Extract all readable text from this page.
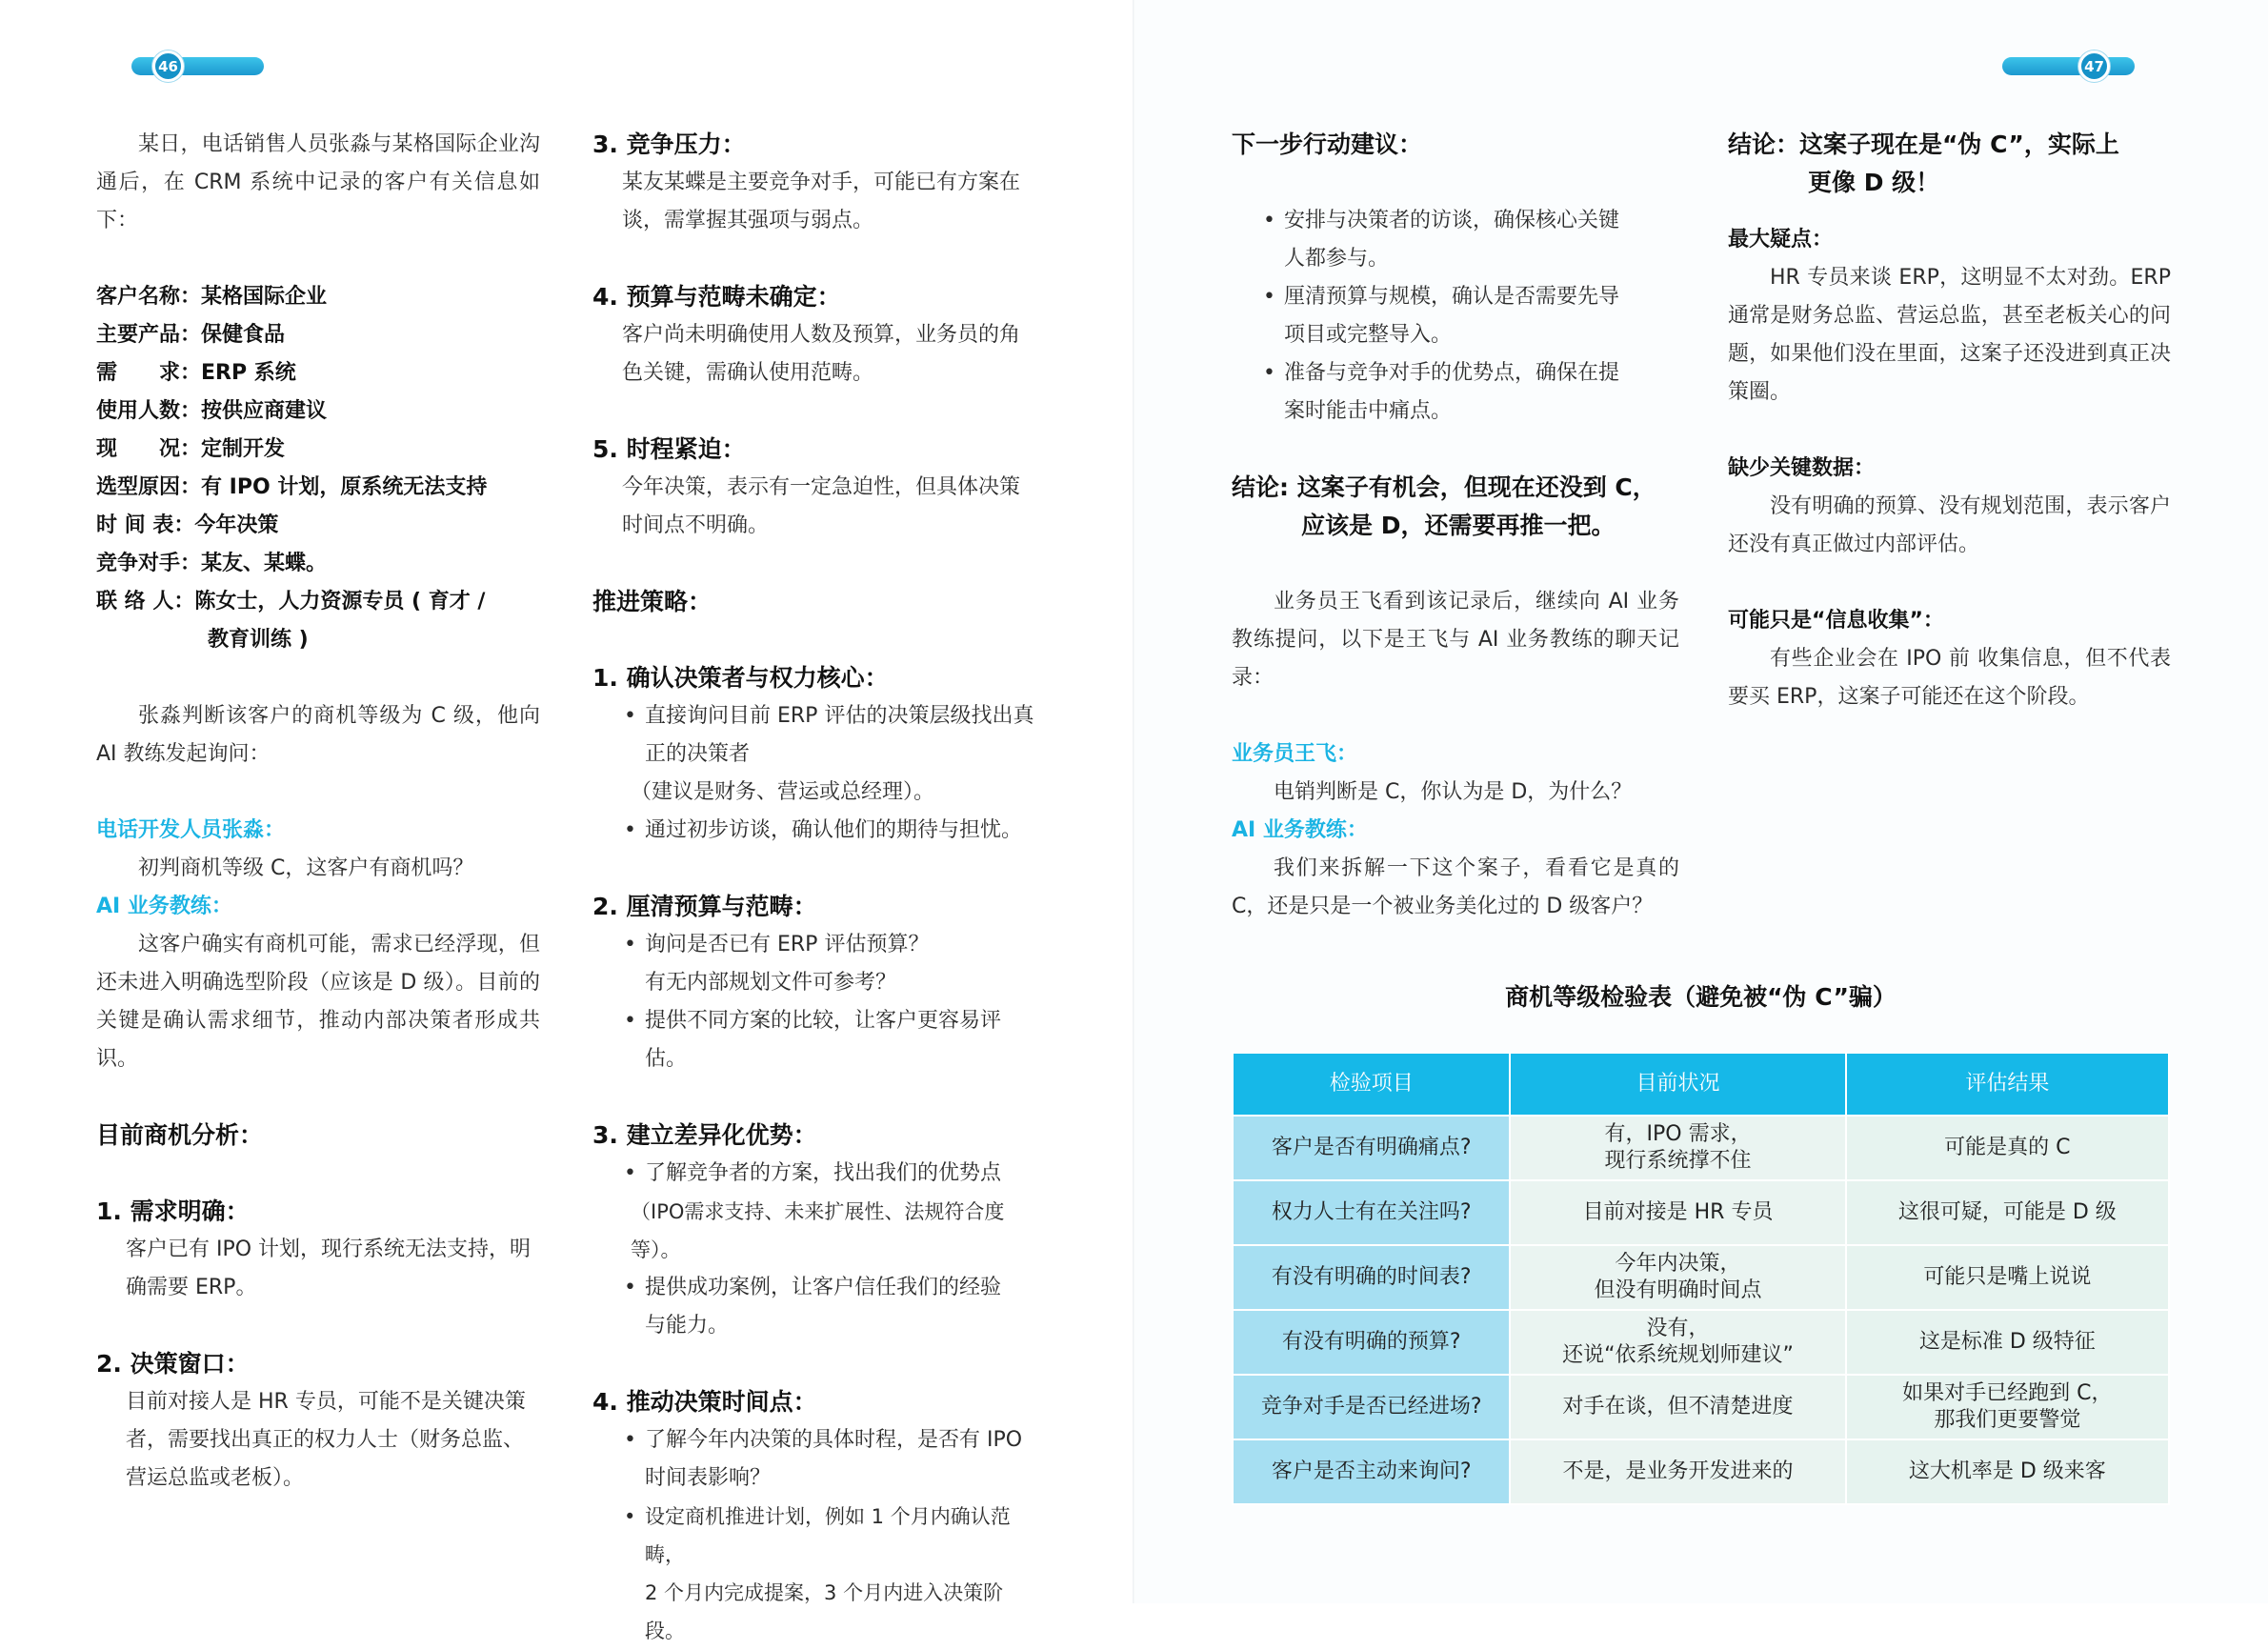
46
某日，电话销售人员张淼与某格国际企业沟通后，在 CRM 系统中记录的客户有关信息如下：
客户名称： 某格国际企业
主要产品： 保健食品
需　　求： ERP 系统
使用人数： 按供应商建议
现　　况： 定制开发
选型原因： 有 IPO 计划，原系统无法支持
时 间 表： 今年决策
竞争对手： 某友、某蝶。
联 络 人： 陈女士，人力资源专员 ( 育才 /
教育训练 )
张淼判断该客户的商机等级为 C 级，他向 AI 教练发起询问：
电话开发人员张淼：
初判商机等级 C，这客户有商机吗？
AI 业务教练：
这客户确实有商机可能，需求已经浮现，但还未进入明确选型阶段（应该是 D 级）。目前的关键是确认需求细节，推动内部决策者形成共识。
目前商机分析：
1. 需求明确：
客户已有 IPO 计划，现行系统无法支持，明确需要 ERP。
2. 决策窗口：
目前对接人是 HR 专员，可能不是关键决策者，需要找出真正的权力人士（财务总监、营运总监或老板）。
3. 竞争压力：
某友某蝶是主要竞争对手，可能已有方案在谈，需掌握其强项与弱点。
4. 预算与范畴未确定：
客户尚未明确使用人数及预算，业务员的角色关键，需确认使用范畴。
5. 时程紧迫：
今年决策，表示有一定急迫性，但具体决策时间点不明确。
推进策略：
1. 确认决策者与权力核心：
• 直接询问目前 ERP 评估的决策层级找出真
正的决策者
（建议是财务、营运或总经理）。
• 通过初步访谈，确认他们的期待与担忧。
2. 厘清预算与范畴：
• 询问是否已有 ERP 评估预算？
有无内部规划文件可参考？
• 提供不同方案的比较，让客户更容易评估。
3. 建立差异化优势：
• 了解竞争者的方案，找出我们的优势点
（IPO需求支持、未来扩展性、法规符合度等）。
• 提供成功案例，让客户信任我们的经验
与能力。
4. 推动决策时间点：
• 了解今年内决策的具体时程，是否有 IPO
时间表影响？
• 设定商机推进计划，例如 1 个月内确认范畴，
2 个月内完成提案，3 个月内进入决策阶段。
47
下一步行动建议：
• 安排与决策者的访谈，确保核心关键
人都参与。
• 厘清预算与规模，确认是否需要先导
项目或完整导入。
• 准备与竞争对手的优势点，确保在提
案时能击中痛点。
结论: 这案子有机会，但现在还没到 C，
应该是 D，还需要再推一把。
业务员王飞看到该记录后，继续向 AI 业务教练提问，以下是王飞与 AI 业务教练的聊天记录：
业务员王飞：
电销判断是 C，你认为是 D，为什么？
AI 业务教练：
我们来拆解一下这个案子，看看它是真的 C，还是只是一个被业务美化过的 D 级客户？
结论：这案子现在是“伪 C”，实际上
更像 D 级！
最大疑点：
HR 专员来谈 ERP，这明显不太对劲。ERP 通常是财务总监、营运总监，甚至老板关心的问题，如果他们没在里面，这案子还没进到真正决策圈。
缺少关键数据：
没有明确的预算、没有规划范围，表示客户还没有真正做过内部评估。
可能只是“信息收集”：
有些企业会在 IPO 前 收集信息，但不代表要买 ERP，这案子可能还在这个阶段。
商机等级检验表（避免被“伪 C”骗）
检验项目	目前状况	评估结果

客户是否有明确痛点?	有，IPO 需求，
现行系统撑不住	可能是真的 C

权力人士有在关注吗?	目前对接是 HR 专员	这很可疑，可能是 D 级

有没有明确的时间表?	今年内决策，
但没有明确时间点	可能只是嘴上说说

有没有明确的预算?	没有，
还说“依系统规划师建议”	这是标准 D 级特征

竞争对手是否已经进场?	对手在谈，但不清楚进度	如果对手已经跑到 C，
那我们更要警觉

客户是否主动来询问?	不是，是业务开发进来的	这大机率是 D 级来客
